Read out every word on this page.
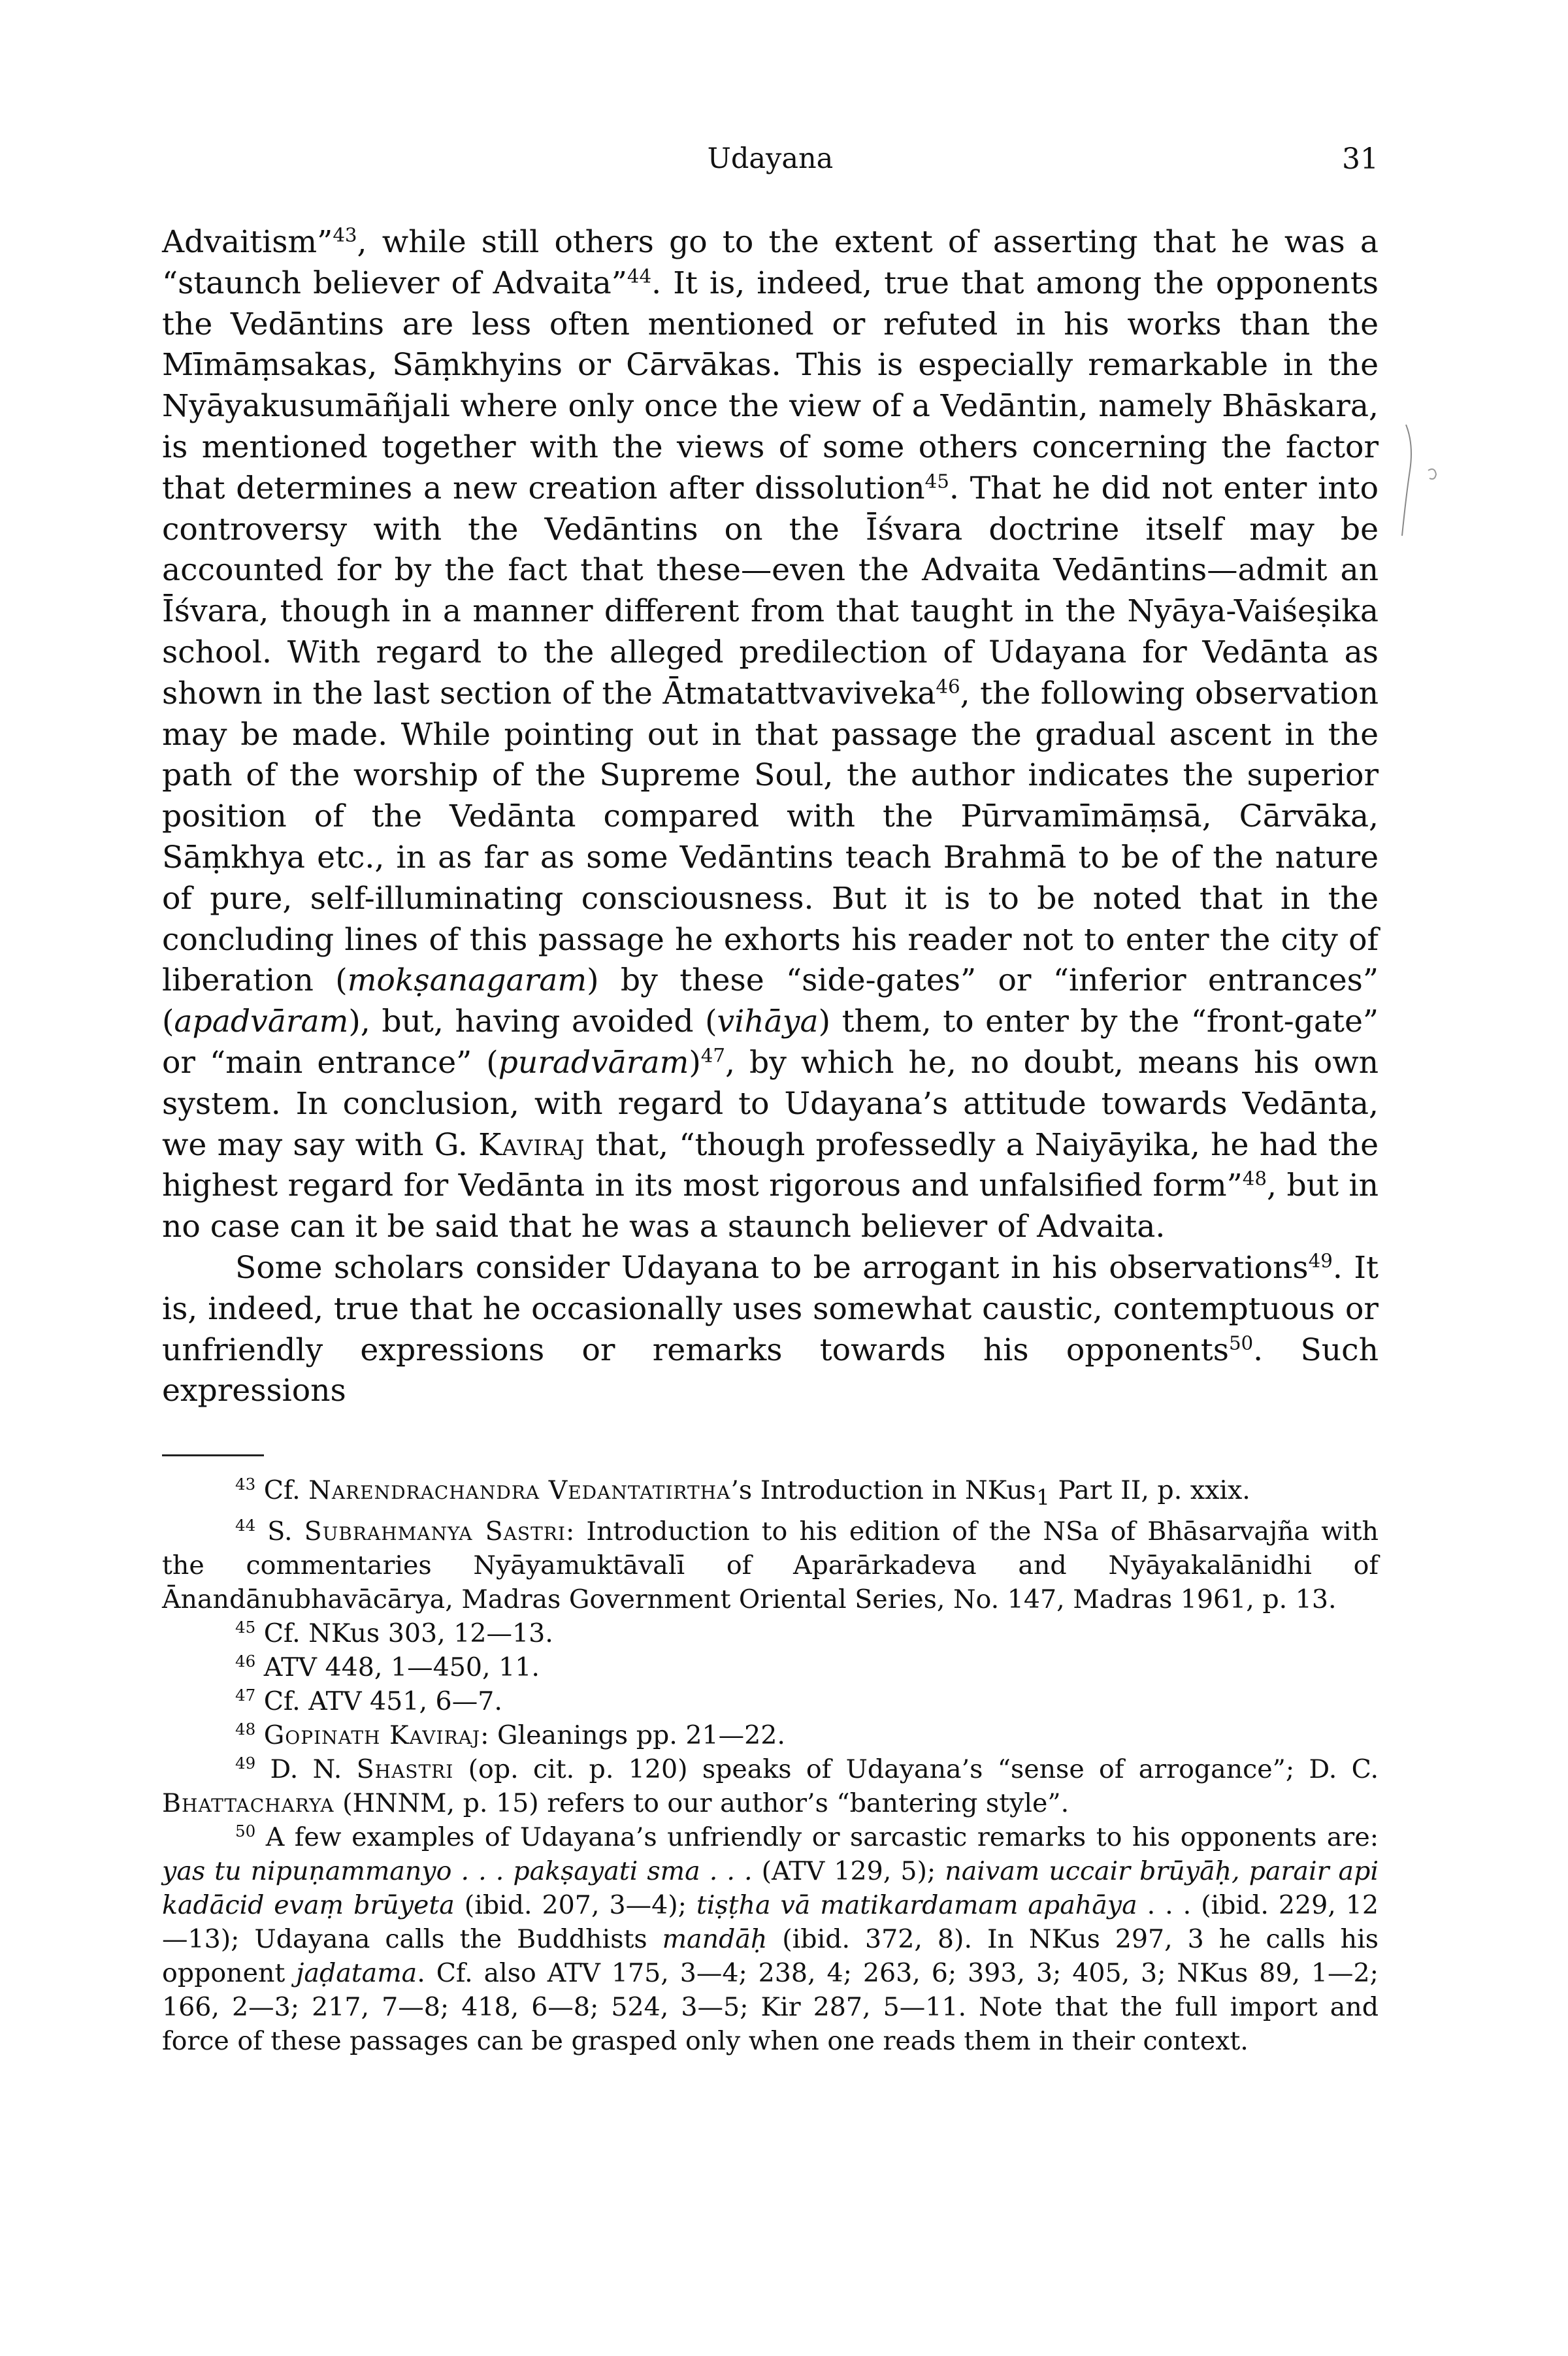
Udayana	31

Advaitism”$^{43}$, while still others go to the extent of asserting that he was a “staunch believer of Advaita”$^{44}$. It is, indeed, true that among the opponents the Vedāntins are less often mentioned or refuted in his works than the Mīmāṃsakas, Sāṃkhyins or Cārvākas. This is especially remarkable in the Nyāyakusumāñjali where only once the view of a Vedāntin, namely Bhāskara, is mentioned together with the views of some others concerning the factor that determines a new creation after dissolution$^{45}$. That he did not enter into controversy with the Vedāntins on the Īśvara doctrine itself may be accounted for by the fact that these—even the Advaita Vedāntins—admit an Īśvara, though in a manner different from that taught in the Nyāya-Vaiśeṣika school. With regard to the alleged predilection of Udayana for Vedānta as shown in the last section of the Ātmatattvaviveka$^{46}$, the following observation may be made. While pointing out in that passage the gradual ascent in the path of the worship of the Supreme Soul, the author indicates the superior position of the Vedānta compared with the Pūrvamīmāṃsā, Cārvāka, Sāṃkhya etc., in as far as some Vedāntins teach Brahmā to be of the nature of pure, self-illuminating consciousness. But it is to be noted that in the concluding lines of this passage he exhorts his reader not to enter the city of liberation (mokṣanagaram) by these “side-gates” or “inferior entrances” (apadvāram), but, having avoided (vihāya) them, to enter by the “front-gate” or “main entrance” (puradvāram)$^{47}$, by which he, no doubt, means his own system. In conclusion, with regard to Udayana’s attitude towards Vedānta, we may say with G. Kaviraj that, “though professedly a Naiyāyika, he had the highest regard for Vedānta in its most rigorous and unfalsified form”$^{48}$, but in no case can it be said that he was a staunch believer of Advaita.

Some scholars consider Udayana to be arrogant in his observations$^{49}$. It is, indeed, true that he occasionally uses somewhat caustic, contemptuous or unfriendly expressions or remarks towards his opponents$^{50}$. Such expressions

$^{43}$ Cf. Narendrachandra Vedantatirtha’s Introduction in NKus$_1$ Part II, p. xxix.

$^{44}$ S. Subrahmanya Sastri: Introduction to his edition of the NSa of Bhāsarvajña with the commentaries Nyāyamuktāvalī of Aparārkadeva and Nyāyakalānidhi of Ānandānubhavācārya, Madras Government Oriental Series, No. 147, Madras 1961, p. 13.

$^{45}$ Cf. NKus 303, 12—13.

$^{46}$ ATV 448, 1—450, 11.

$^{47}$ Cf. ATV 451, 6—7.

$^{48}$ Gopinath Kaviraj: Gleanings pp. 21—22.

$^{49}$ D. N. Shastri (op. cit. p. 120) speaks of Udayana’s “sense of arrogance”; D. C. Bhattacharya (HNNM, p. 15) refers to our author’s “bantering style”.

$^{50}$ A few examples of Udayana’s unfriendly or sarcastic remarks to his opponents are: yas tu nipuṇammanyo . . . pakṣayati sma . . . (ATV 129, 5); naivam uccair brūyāḥ, parair api kadācid evaṃ brūyeta (ibid. 207, 3—4); tiṣṭha vā matikardamam apahāya . . . (ibid. 229, 12—13); Udayana calls the Buddhists mandāḥ (ibid. 372, 8). In NKus 297, 3 he calls his opponent jaḍatama. Cf. also ATV 175, 3—4; 238, 4; 263, 6; 393, 3; 405, 3; NKus 89, 1—2; 166, 2—3; 217, 7—8; 418, 6—8; 524, 3—5; Kir 287, 5—11. Note that the full import and force of these passages can be grasped only when one reads them in their context.
